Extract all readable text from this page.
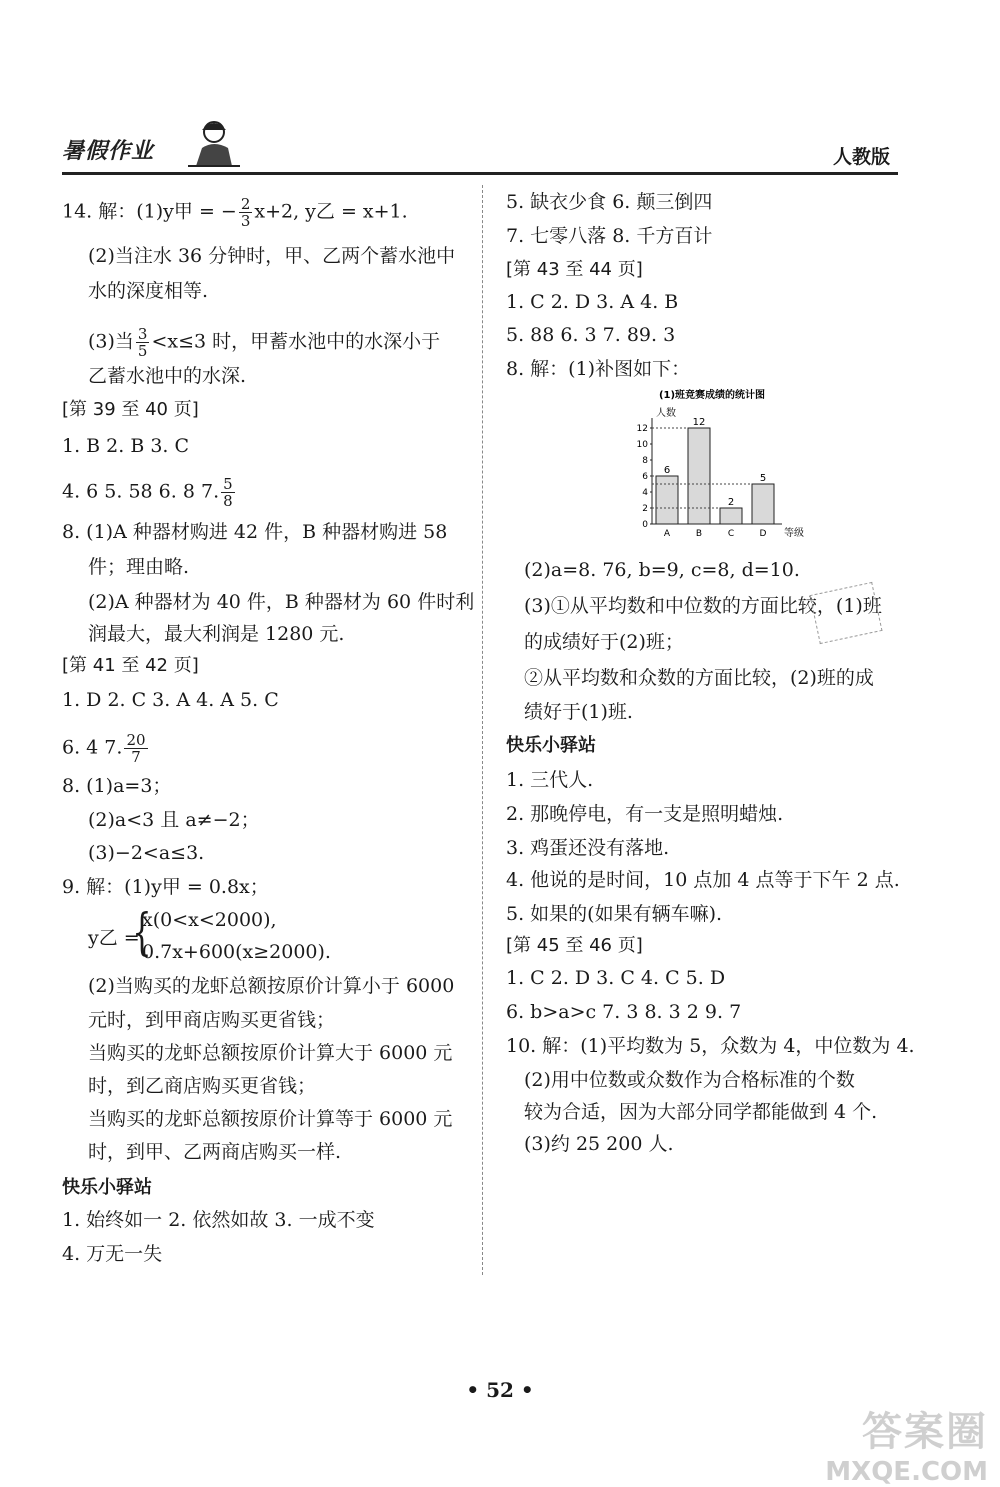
暑假作业	人教版
14. 解：(1)y甲 = − $\frac{2}{3} x+2$, y乙 = x+1.
(2)当注水 36 分钟时，甲、乙两个蓄水池中
水的深度相等.
(3)当 $\frac{3}{5} <x\le 3$ 时，甲蓄水池中的水深小于
乙蓄水池中的水深.
[第 39 至 40 页]
1. B 2. B 3. C
4. 6 5. 58 6. 8 7. $\frac{5}{8}$
8. (1)A 种器材购进 42 件，B 种器材购进 58
件；理由略.
(2)A 种器材为 40 件，B 种器材为 60 件时利
润最大，最大利润是 1280 元.
[第 41 至 42 页]
1. D 2. C 3. A 4. A 5. C
6. 4 7. $\frac{20}{7}$
8. (1)a=3；
(2)a<3 且 a≠−2；
(3)−2<a≤3.
9. 解：(1)y甲 = 0.8x；
y乙 =
{
x(0<x<2000),
0.7x+600(x≥2000).
(2)当购买的龙虾总额按原价计算小于 6000
元时，到甲商店购买更省钱；
当购买的龙虾总额按原价计算大于 6000 元
时，到乙商店购买更省钱；
当购买的龙虾总额按原价计算等于 6000 元
时，到甲、乙两商店购买一样.
快乐小驿站
1. 始终如一 2. 依然如故 3. 一成不变
4. 万无一失
5. 缺衣少食 6. 颠三倒四
7. 七零八落 8. 千方百计
[第 43 至 44 页]
1. C 2. D 3. A 4. B
5. 88 6. 3 7. 89. 3
8. 解：(1)补图如下：
(1)班竞赛成绩的统计图
人数
等级
0
2
4
6
8
10
12
6
A
12
B
2
C
5
D
(2)a=8. 76, b=9, c=8, d=10.
(3)①从平均数和中位数的方面比较，(1)班
的成绩好于(2)班；
②从平均数和众数的方面比较，(2)班的成
绩好于(1)班.
快乐小驿站
1. 三代人.
2. 那晚停电，有一支是照明蜡烛.
3. 鸡蛋还没有落地.
4. 他说的是时间，10 点加 4 点等于下午 2 点.
5. 如果的(如果有辆车嘛).
[第 45 至 46 页]
1. C 2. D 3. C 4. C 5. D
6. b>a>c 7. 3 8. 3 2 9. 7
10. 解：(1)平均数为 5，众数为 4，中位数为 4.
(2)用中位数或众数作为合格标准的个数
较为合适，因为大部分同学都能做到 4 个.
(3)约 25 200 人.
• 52 •
答案圈
MXQE.COM
